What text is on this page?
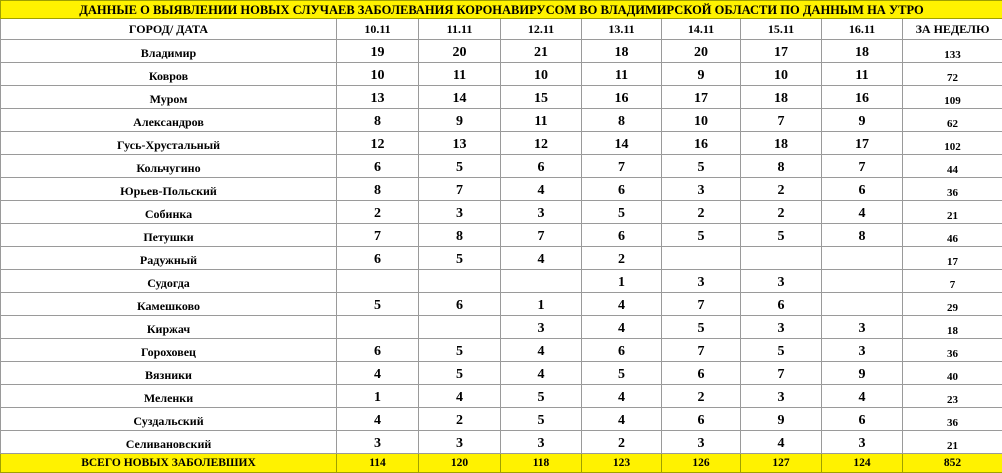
ДАННЫЕ О ВЫЯВЛЕНИИ НОВЫХ СЛУЧАЕВ ЗАБОЛЕВАНИЯ КОРОНАВИРУСОМ ВО ВЛАДИМИРСКОЙ ОБЛАСТИ ПО ДАННЫМ НА УТРО								
ГОРОД/ ДАТА	10.11	11.11	12.11	13.11	14.11	15.11	16.11	ЗА НЕДЕЛЮ
Владимир	19	20	21	18	20	17	18	133
Ковров	10	11	10	11	9	10	11	72
Муром	13	14	15	16	17	18	16	109
Александров	8	9	11	8	10	7	9	62
Гусь-Хрустальный	12	13	12	14	16	18	17	102
Кольчугино	6	5	6	7	5	8	7	44
Юрьев-Польский	8	7	4	6	3	2	6	36
Собинка	2	3	3	5	2	2	4	21
Петушки	7	8	7	6	5	5	8	46
Радужный	6	5	4	2				17
Судогда				1	3	3		7
Камешково	5	6	1	4	7	6		29
Киржач			3	4	5	3	3	18
Гороховец	6	5	4	6	7	5	3	36
Вязники	4	5	4	5	6	7	9	40
Меленки	1	4	5	4	2	3	4	23
Суздальский	4	2	5	4	6	9	6	36
Селивановский	3	3	3	2	3	4	3	21
ВСЕГО НОВЫХ ЗАБОЛЕВШИХ	114	120	118	123	126	127	124	852
